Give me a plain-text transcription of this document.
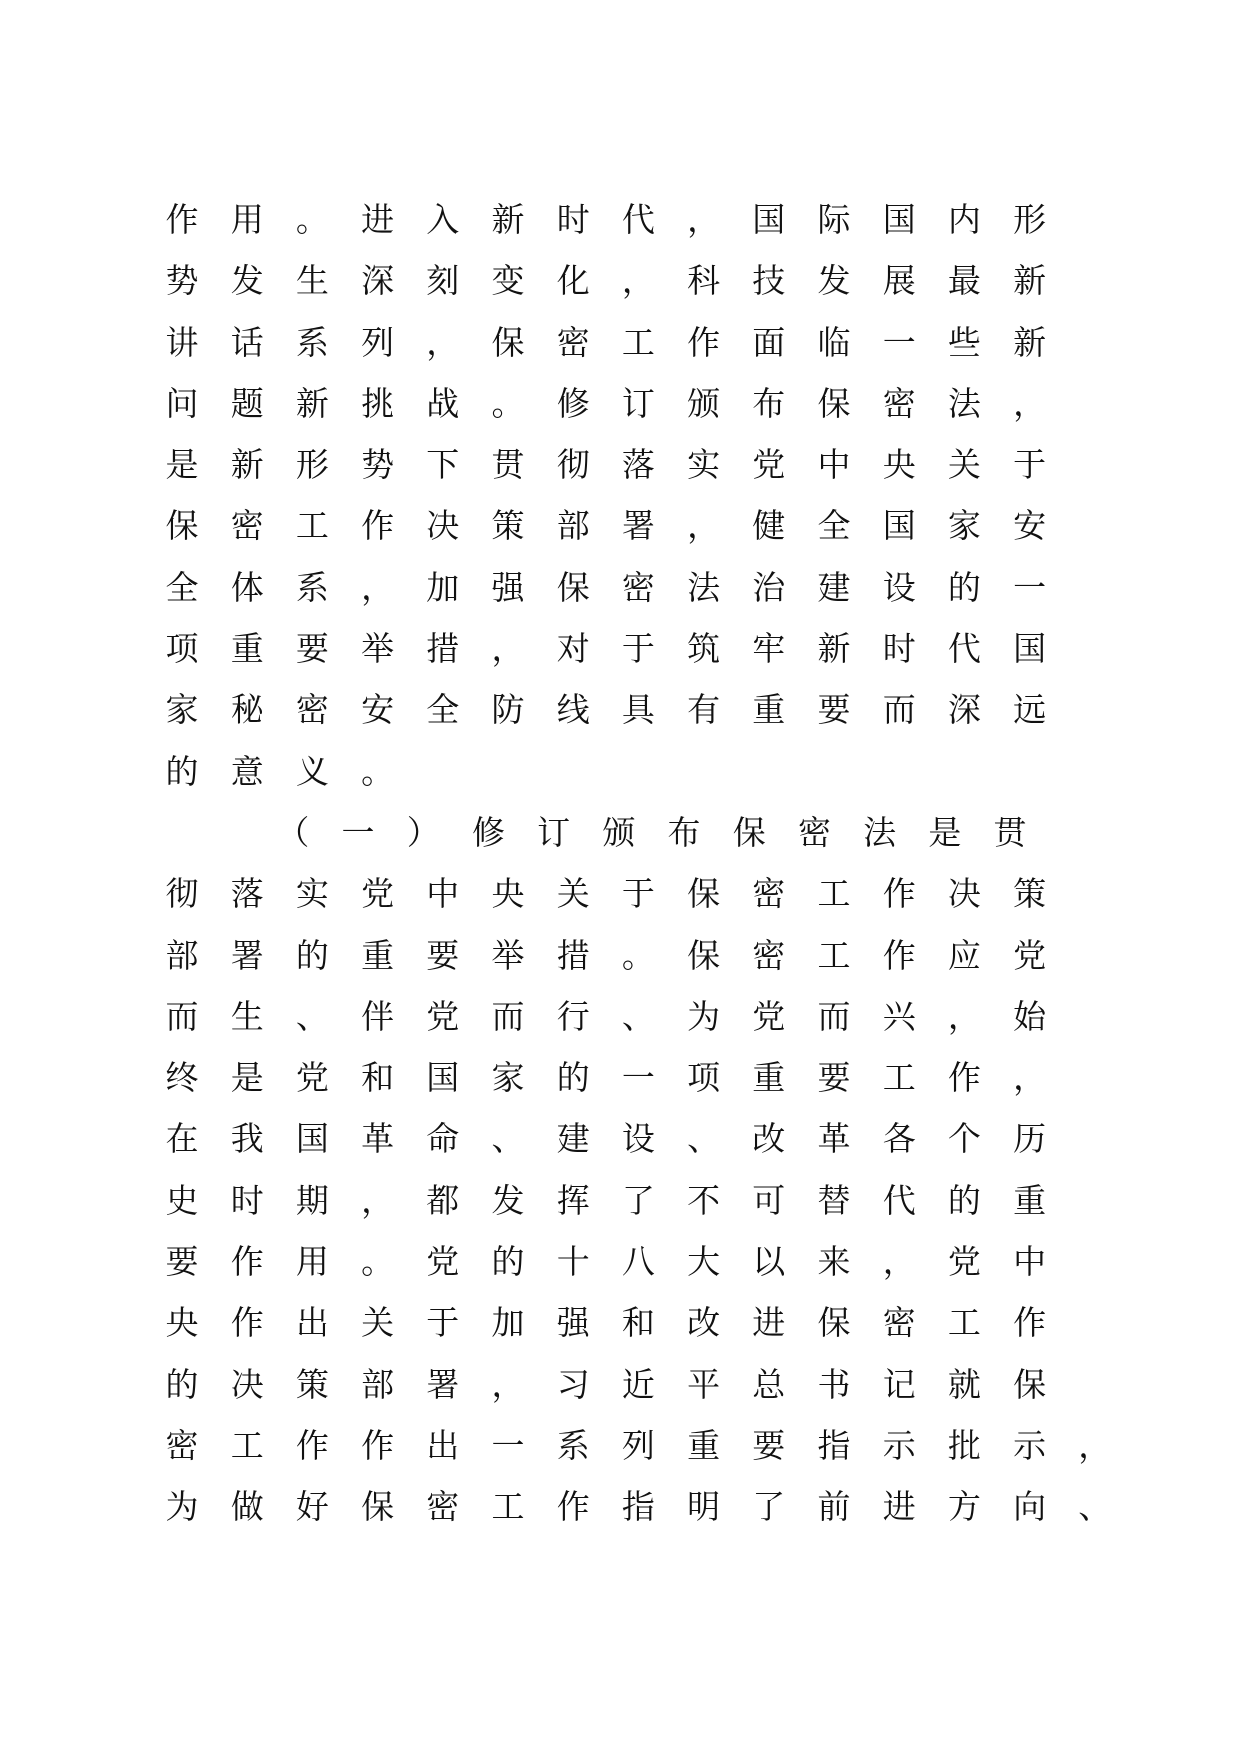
作 用 。 进 入 新 时 代 ， 国 际 国 内 形
势 发 生 深 刻 变 化 ， 科 技 发 展 最 新
讲 话 系 列 ， 保 密 工 作 面 临 一 些 新
问 题 新 挑 战 。 修 订 颁 布 保 密 法 ，
是 新 形 势 下 贯 彻 落 实 党 中 央 关 于
保 密 工 作 决 策 部 署 ， 健 全 国 家 安
全 体 系 ， 加 强 保 密 法 治 建 设 的 一
项 重 要 举 措 ， 对 于 筑 牢 新 时 代 国
家 秘 密 安 全 防 线 具 有 重 要 而 深 远
的 意 义 。
（ 一 ） 修 订 颁 布 保 密 法 是 贯
彻 落 实 党 中 央 关 于 保 密 工 作 决 策
部 署 的 重 要 举 措 。 保 密 工 作 应 党
而 生 、 伴 党 而 行 、 为 党 而 兴 ， 始
终 是 党 和 国 家 的 一 项 重 要 工 作 ，
在 我 国 革 命 、 建 设 、 改 革 各 个 历
史 时 期 ， 都 发 挥 了 不 可 替 代 的 重
要 作 用 。 党 的 十 八 大 以 来 ， 党 中
央 作 出 关 于 加 强 和 改 进 保 密 工 作
的 决 策 部 署 ， 习 近 平 总 书 记 就 保
密 工 作 作 出 一 系 列 重 要 指 示 批 示 ，
为 做 好 保 密 工 作 指 明 了 前 进 方 向 、
